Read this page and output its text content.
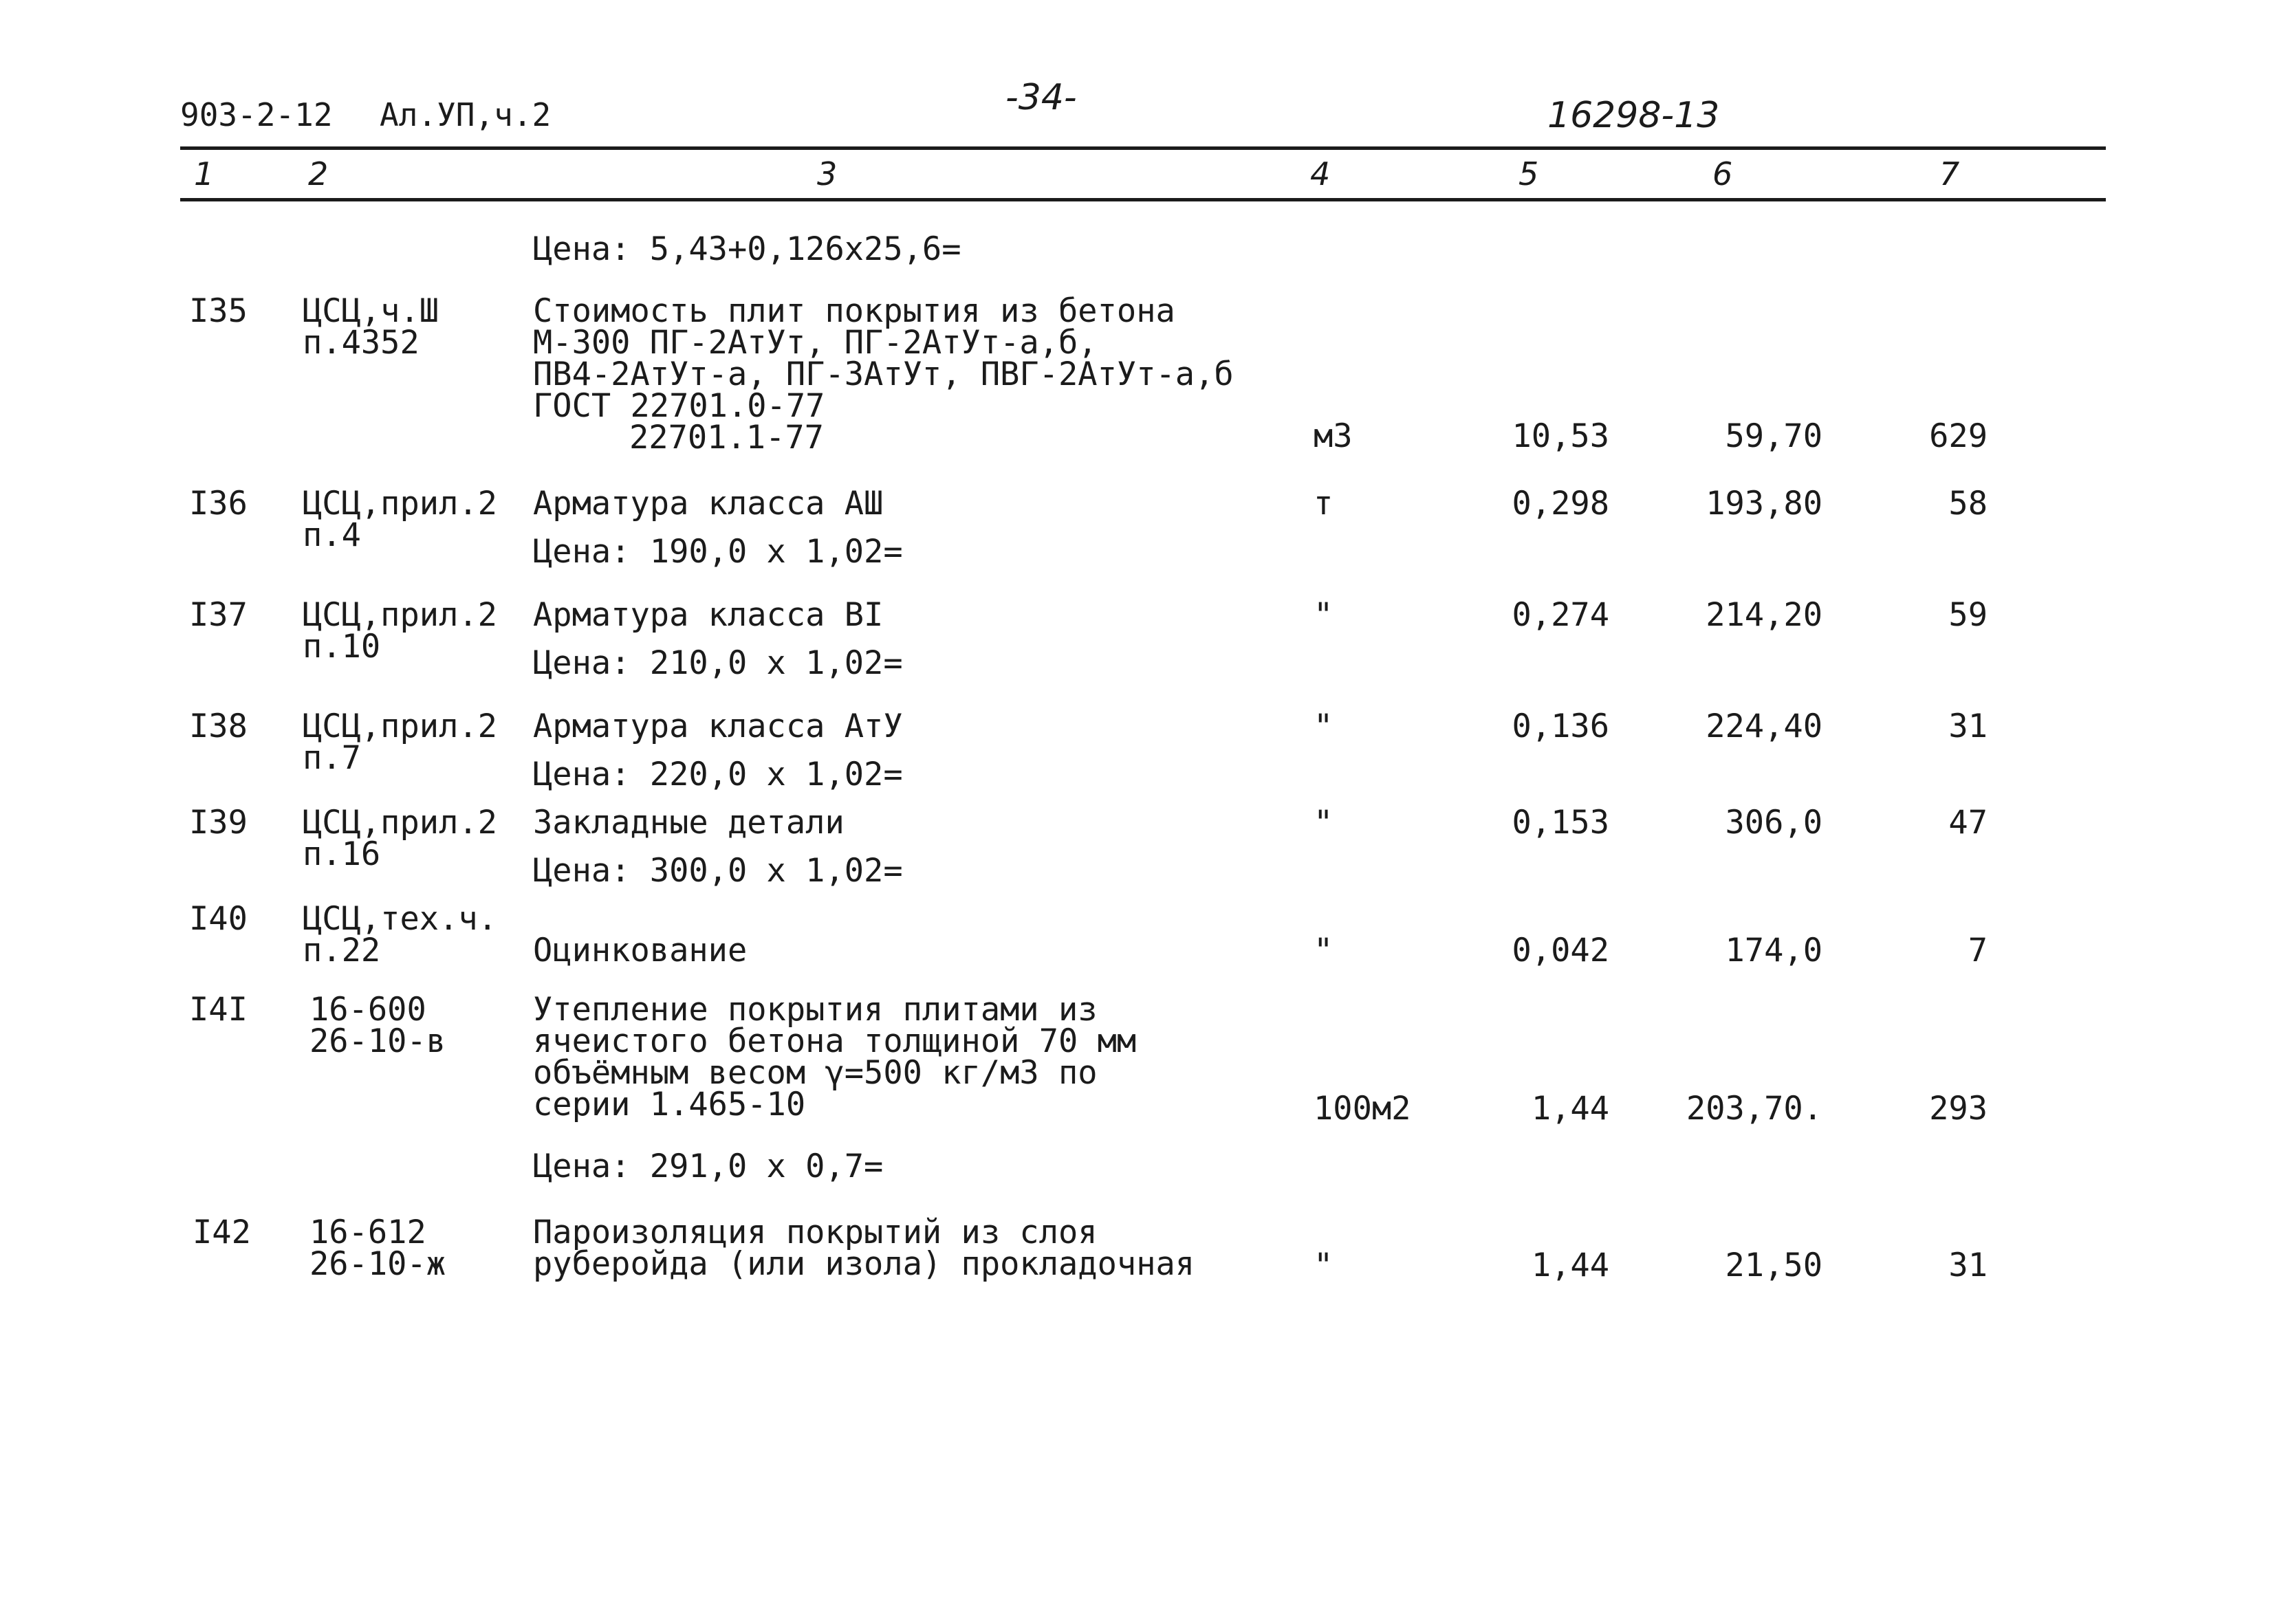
903-2-12 Ал.УП,ч.2	-34-	16298-13
1	2	3	4	5	6	7
Цена: 5,43+0,126х25,6=
I35 ЦСЦ,ч.Ш
п.4352
Стоимость плит покрытия из бетона
М-300 ПГ-2АтУт, ПГ-2АтУт-а,б,
ПВ4-2АтУт-а, ПГ-3АтУт, ПВГ-2АтУт-а,б
ГОСТ 22701.0-77
22701.1-77	м3	10,53	59,70	629
I36 ЦСЦ,прил.2
п.4
Арматура класса АШ
Цена: 190,0 х 1,02=
т	0,298	193,80	58
I37 ЦСЦ,прил.2
п.10
Арматура класса BI
Цена: 210,0 х 1,02=
"	0,274	214,20	59
I38 ЦСЦ,прил.2
п.7
Арматура класса АтУ
Цена: 220,0 х 1,02=
"	0,136	224,40	31
I39 ЦСЦ,прил.2
п.16
Закладные детали
Цена: 300,0 х 1,02=
"	0,153	306,0	47
I40 ЦСЦ,тех.ч.
п.22	Оцинкование	"	0,042	174,0	7
I4I 16-600
26-10-в
Утепление покрытия плитами из
ячеистого бетона толщиной 70 мм
объёмным весом γ=500 кг/м3 по
серии 1.465-10
Цена: 291,0 х 0,7=
100м2	1,44	203,70.	293
I42 16-612
26-10-ж
Пароизоляция покрытий из слоя
руберойда (или изола) прокладочная	"	1,44	21,50	31
